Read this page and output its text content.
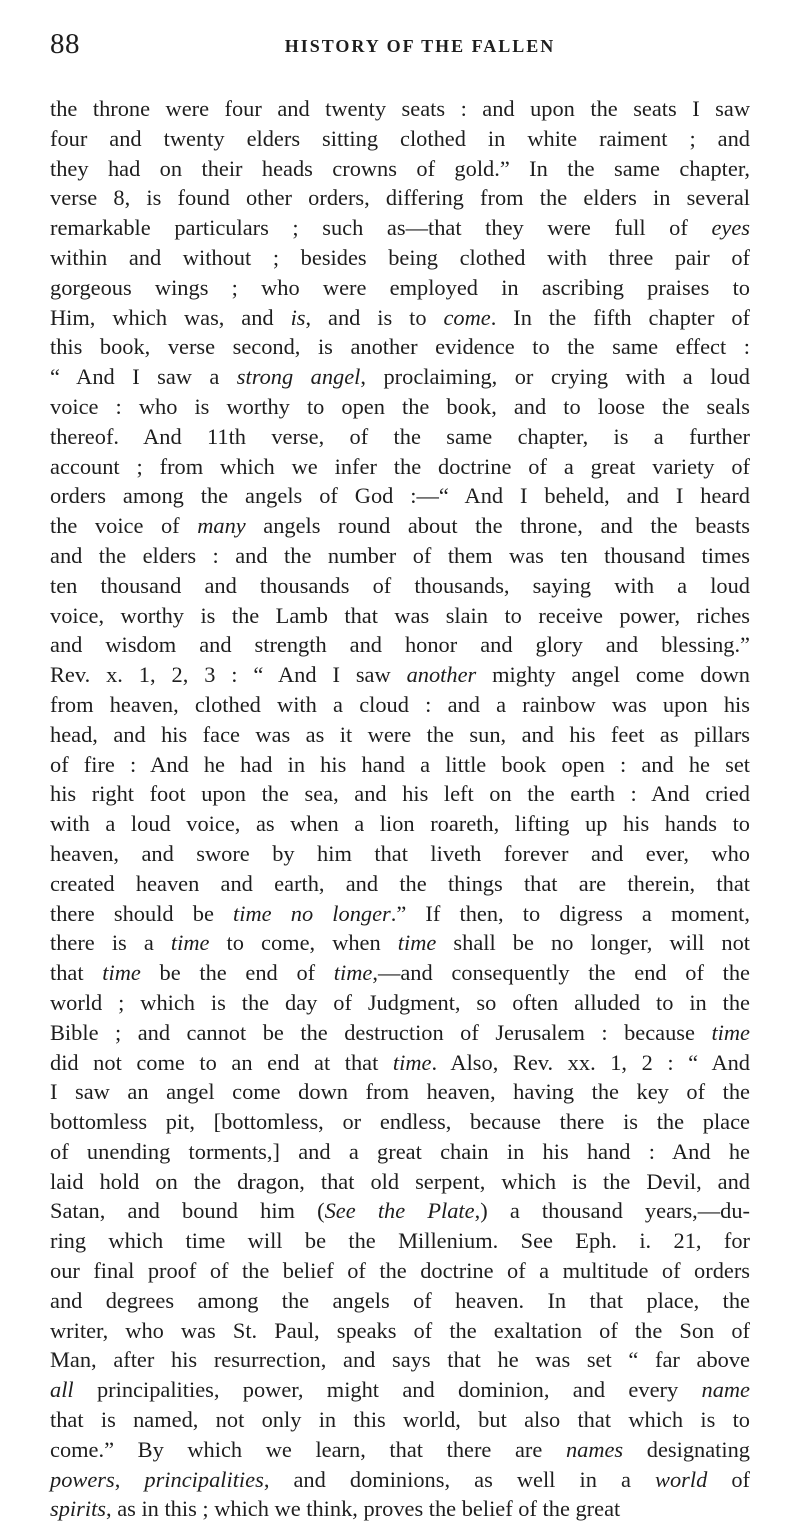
88	HISTORY OF THE FALLEN
the throne were four and twenty seats : and upon the seats I saw
four and twenty elders sitting clothed in white raiment ; and
they had on their heads crowns of gold.” In the same chapter,
verse 8, is found other orders, differing from the elders in several
remarkable particulars ; such as—that they were full of eyes
within and without ; besides being clothed with three pair of
gorgeous wings ; who were employed in ascribing praises to
Him, which was, and is, and is to come. In the fifth chapter of
this book, verse second, is another evidence to the same effect :
“ And I saw a strong angel, proclaiming, or crying with a loud
voice : who is worthy to open the book, and to loose the seals
thereof. And 11th verse, of the same chapter, is a further
account ; from which we infer the doctrine of a great variety of
orders among the angels of God :—“ And I beheld, and I heard
the voice of many angels round about the throne, and the beasts
and the elders : and the number of them was ten thousand times
ten thousand and thousands of thousands, saying with a loud
voice, worthy is the Lamb that was slain to receive power, riches
and wisdom and strength and honor and glory and blessing.”
Rev. x. 1, 2, 3 : “ And I saw another mighty angel come down
from heaven, clothed with a cloud : and a rainbow was upon his
head, and his face was as it were the sun, and his feet as pillars
of fire : And he had in his hand a little book open : and he set
his right foot upon the sea, and his left on the earth : And cried
with a loud voice, as when a lion roareth, lifting up his hands to
heaven, and swore by him that liveth forever and ever, who
created heaven and earth, and the things that are therein, that
there should be time no longer.” If then, to digress a moment,
there is a time to come, when time shall be no longer, will not
that time be the end of time,—and consequently the end of the
world ; which is the day of Judgment, so often alluded to in the
Bible ; and cannot be the destruction of Jerusalem : because time
did not come to an end at that time. Also, Rev. xx. 1, 2 : “ And
I saw an angel come down from heaven, having the key of the
bottomless pit, [bottomless, or endless, because there is the place
of unending torments,] and a great chain in his hand : And he
laid hold on the dragon, that old serpent, which is the Devil, and
Satan, and bound him (See the Plate,) a thousand years,—du-
ring which time will be the Millenium. See Eph. i. 21, for
our final proof of the belief of the doctrine of a multitude of orders
and degrees among the angels of heaven. In that place, the
writer, who was St. Paul, speaks of the exaltation of the Son of
Man, after his resurrection, and says that he was set “ far above
all principalities, power, might and dominion, and every name
that is named, not only in this world, but also that which is to
come.” By which we learn, that there are names designating
powers, principalities, and dominions, as well in a world of
spirits, as in this ; which we think, proves the belief of the great
